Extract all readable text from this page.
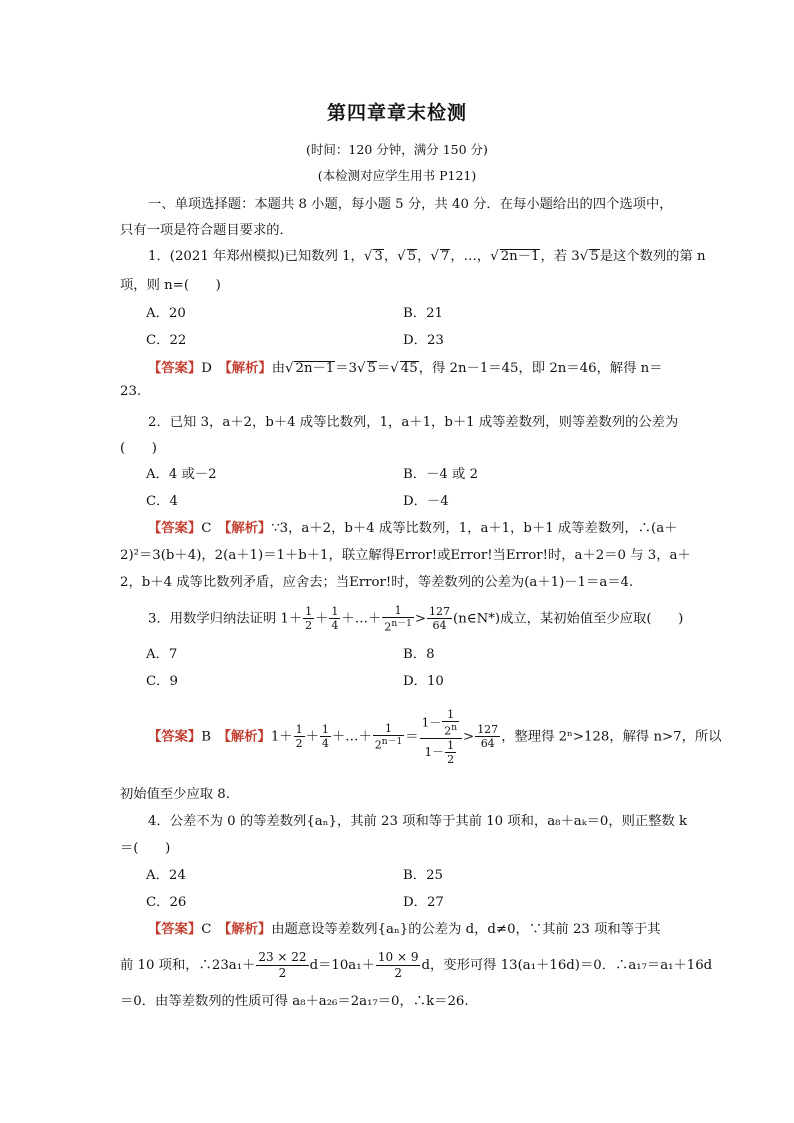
第四章章末检测
(时间：120 分钟，满分 150 分)
(本检测对应学生用书 P121)
一、单项选择题：本题共 8 小题，每小题 5 分，共 40 分．在每小题给出的四个选项中，
只有一项是符合题目要求的．
1．(2021 年郑州模拟)已知数列 1， √ 3， √ 5， √ 7，…， √ 2n－1，若 3 √ 5是这个数列的第 n
项，则 n=(　　)
A．20	B．21
C．22	D．23
【答案】D　 【解析】由 √ 2n－1＝3 √ 5＝ √ 45，得 2n－1＝45，即 2n＝46，解得 n＝
23.
2．已知 3，a＋2，b＋4 成等比数列，1，a＋1，b＋1 成等差数列，则等差数列的公差为
(　　)
A．4 或－2	B．－4 或 2
C．4	D．－4
【答案】C　 【解析】∵3，a＋2，b＋4 成等比数列，1，a＋1，b＋1 成等差数列，∴(a＋
2)²＝3(b＋4)，2(a＋1)＝1＋b＋1，联立解得Error!或Error!当Error!时，a＋2＝0 与 3，a＋
2，b＋4 成等比数列矛盾，应舍去；当Error!时，等差数列的公差为(a＋1)－1＝a＝4.
3．用数学归纳法证明 $1+ \frac{1}{2} + \frac{1}{4}$ ＋…＋ $\frac{1}{2^{n-1}} > \frac{127}{64}$ (n∈N*)成立，某初始值至少应取(　　)
A．7	B．8
C．9	D．10
【答案】B　 【解析】$1+ \frac{1}{2} + \frac{1}{4}$ ＋…＋ $\frac{1}{2^{n-1}} = \frac{1- \frac{1}{2^n}}{1- \frac{1}{2}} > \frac{127}{64}$ ，整理得 2ⁿ>128，解得 n>7，所以
初始值至少应取 8.
4．公差不为 0 的等差数列{aₙ}，其前 23 项和等于其前 10 项和，a₈＋aₖ＝0，则正整数 k
＝(　　)
A．24	B．25
C．26	D．27
【答案】C　 【解析】由题意设等差数列{aₙ}的公差为 d，d≠0，∵其前 23 项和等于其
前 10 项和，∴23a₁＋ $\frac{23 \times 22}{2} d=10a_1+ \frac{10 \times 9}{2}$ d，变形可得 13(a₁＋16d)＝0．∴a₁₇＝a₁＋16d
＝0．由等差数列的性质可得 a₈＋a₂₆＝2a₁₇＝0，∴k＝26.
